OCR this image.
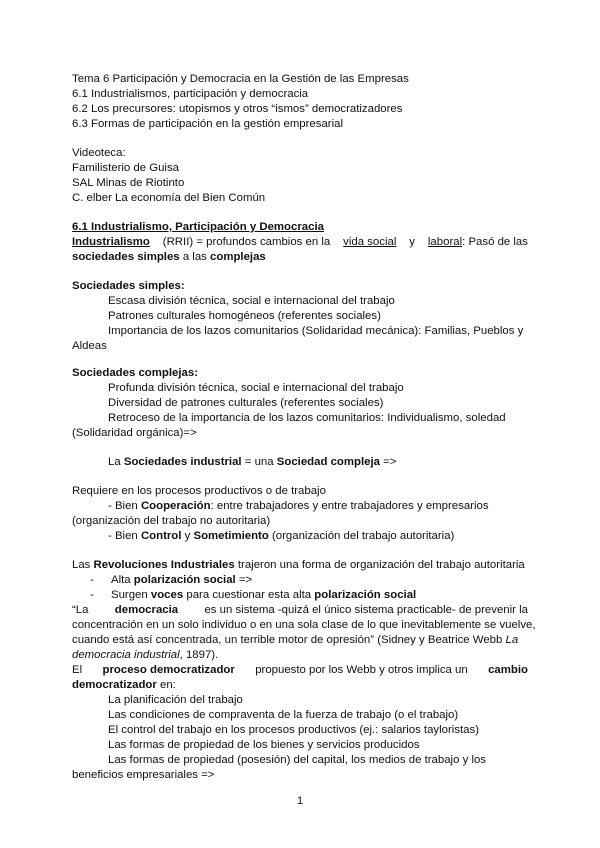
Tema 6 Participación y Democracia en la Gestión de las Empresas
6.1 Industrialismos, participación y democracia
6.2 Los precursores: utopismos y otros “ismos” democratizadores
6.3 Formas de participación en la gestión empresarial
Videoteca:
Familisterio de Guisa
SAL Minas de Riotinto
C. elber La economía del Bien Común
6.1 Industrialismo, Participación y Democracia
Industrialismo (RRII) = profundos cambios en la vida social y laboral: Pasó de las
sociedades simples a las complejas
Sociedades simples:
Escasa división técnica, social e internacional del trabajo
Patrones culturales homogéneos (referentes sociales)
Importancia de los lazos comunitarios (Solidaridad mecánica): Familias, Pueblos y
Aldeas
Sociedades complejas:
Profunda división técnica, social e internacional del trabajo
Diversidad de patrones culturales (referentes sociales)
Retroceso de la importancia de los lazos comunitarios: Individualismo, soledad
(Solidaridad orgánica)=>
La Sociedades industrial = una Sociedad compleja =>
Requiere en los procesos productivos o de trabajo
- Bien Cooperación: entre trabajadores y entre trabajadores y empresarios
(organización del trabajo no autoritaria)
- Bien Control y Sometimiento (organización del trabajo autoritaria)
Las Revoluciones Industriales trajeron una forma de organización del trabajo autoritaria
- Alta polarización social =>
- Surgen voces para cuestionar esta alta polarización social
“La democracia es un sistema -quizá el único sistema practicable- de prevenir la
concentración en un solo individuo o en una sola clase de lo que inevitablemente se vuelve,
cuando está así concentrada, un terrible motor de opresión” (Sidney y Beatrice Webb La
democracia industrial, 1897).
El proceso democratizador propuesto por los Webb y otros implica un cambio
democratizador en:
La planificación del trabajo
Las condiciones de compraventa de la fuerza de trabajo (o el trabajo)
El control del trabajo en los procesos productivos (ej.: salarios tayloristas)
Las formas de propiedad de los bienes y servicios producidos
Las formas de propiedad (posesión) del capital, los medios de trabajo y los
beneficios empresariales =>
1
